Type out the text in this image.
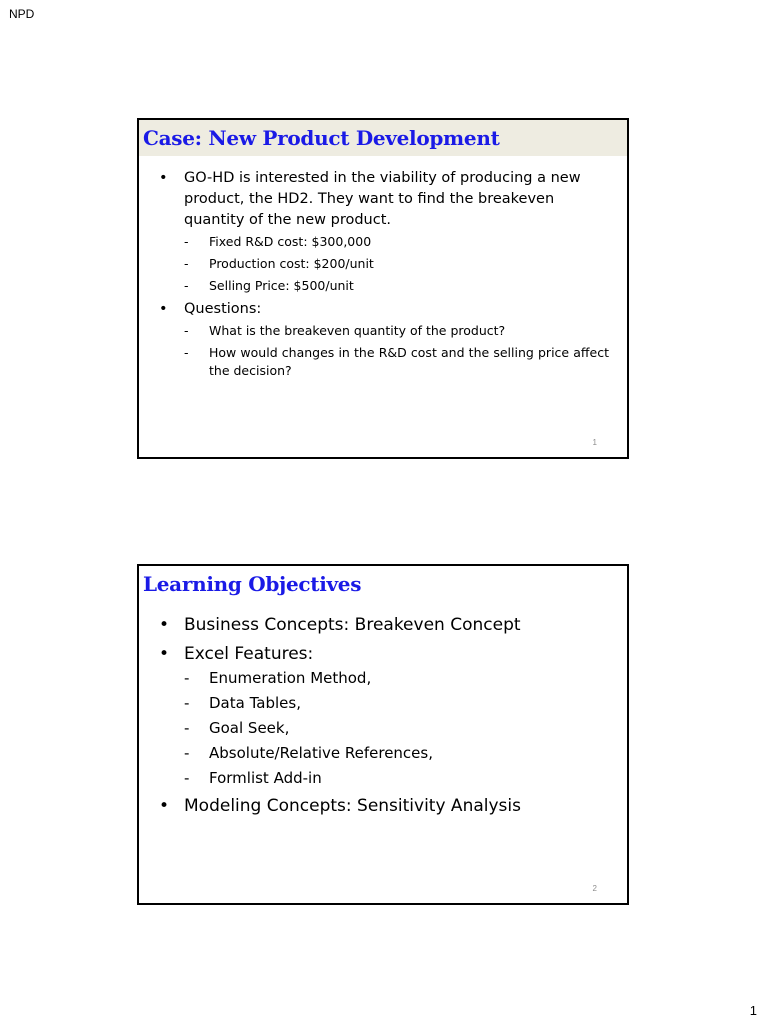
NPD
Case: New Product Development
• GO-HD is interested in the viability of producing a new product, the HD2. They want to find the breakeven quantity of the new product.
- Fixed R&D cost: $300,000
- Production cost: $200/unit
- Selling Price: $500/unit
• Questions:
- What is the breakeven quantity of the product?
- How would changes in the R&D cost and the selling price affect the decision?
1
Learning Objectives
• Business Concepts: Breakeven Concept
• Excel Features:
- Enumeration Method,
- Data Tables,
- Goal Seek,
- Absolute/Relative References,
- Formlist Add-in
• Modeling Concepts: Sensitivity Analysis
2
1
